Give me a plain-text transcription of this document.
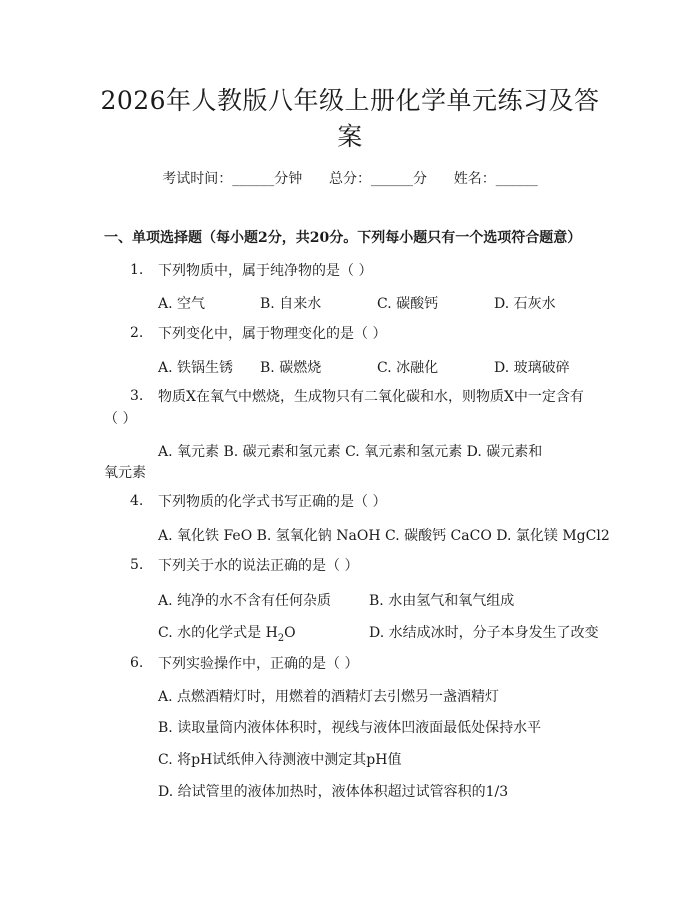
2026年人教版八年级上册化学单元练习及答
案
考试时间：______分钟 总分：______分 姓名：______
一、单项选择题（每小题2分，共20分。下列每小题只有一个选项符合题意）
1. 下列物质中，属于纯净物的是（ ）
A. 空气	B. 自来水	C. 碳酸钙	D. 石灰水
2. 下列变化中，属于物理变化的是（ ）
A. 铁锅生锈 B. 碳燃烧	C. 冰融化	D. 玻璃破碎
3. 物质X在氧气中燃烧，生成物只有二氧化碳和水，则物质X中一定含有
（ ）
A. 氧元素 B. 碳元素和氢元素 C. 氧元素和氢元素 D. 碳元素和
氧元素
4. 下列物质的化学式书写正确的是（ ）
A. 氧化铁 FeO B. 氢氧化钠 NaOH C. 碳酸钙 CaCO D. 氯化镁 MgCl2
5. 下列关于水的说法正确的是（ ）
A. 纯净的水不含有任何杂质	B. 水由氢气和氧气组成
C. 水的化学式是 $H_2O$	D. 水结成冰时，分子本身发生了改变
6. 下列实验操作中，正确的是（ ）
A. 点燃酒精灯时，用燃着的酒精灯去引燃另一盏酒精灯
B. 读取量筒内液体体积时，视线与液体凹液面最低处保持水平
C. 将pH试纸伸入待测液中测定其pH值
D. 给试管里的液体加热时，液体体积超过试管容积的1/3
